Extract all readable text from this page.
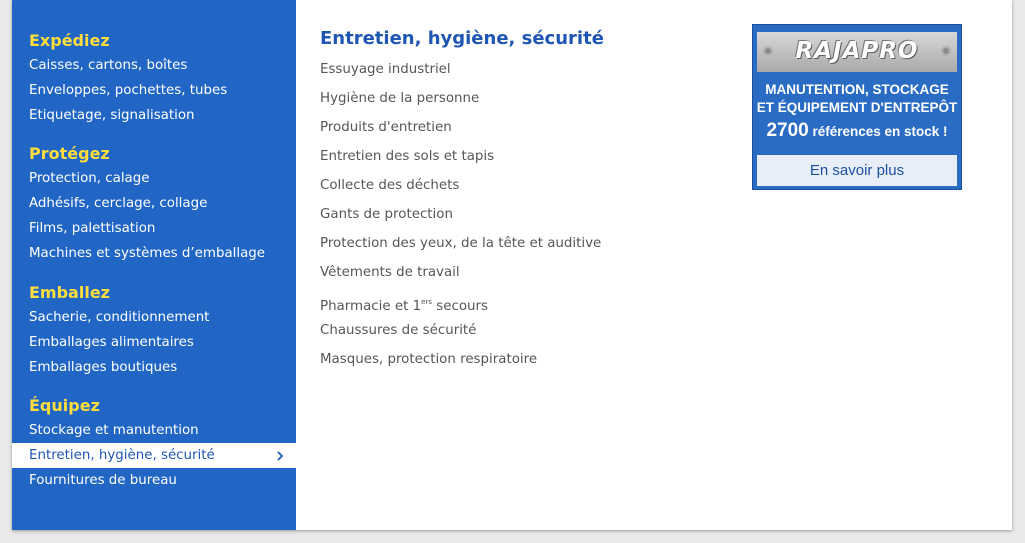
Expédiez
Caisses, cartons, boîtes
Enveloppes, pochettes, tubes
Etiquetage, signalisation
Protégez
Protection, calage
Adhésifs, cerclage, collage
Films, palettisation
Machines et systèmes d’emballage
Emballez
Sacherie, conditionnement
Emballages alimentaires
Emballages boutiques
Équipez
Stockage et manutention
Entretien, hygiène, sécurité
Fournitures de bureau
Entretien, hygiène, sécurité
Essuyage industriel
Hygiène de la personne
Produits d'entretien
Entretien des sols et tapis
Collecte des déchets
Gants de protection
Protection des yeux, de la tête et auditive
Vêtements de travail
Pharmacie et 1ers secours
Chaussures de sécurité
Masques, protection respiratoire
RAJAPRO
MANUTENTION, STOCKAGE
ET ÉQUIPEMENT D'ENTREPÔT
2700 références en stock !
En savoir plus
